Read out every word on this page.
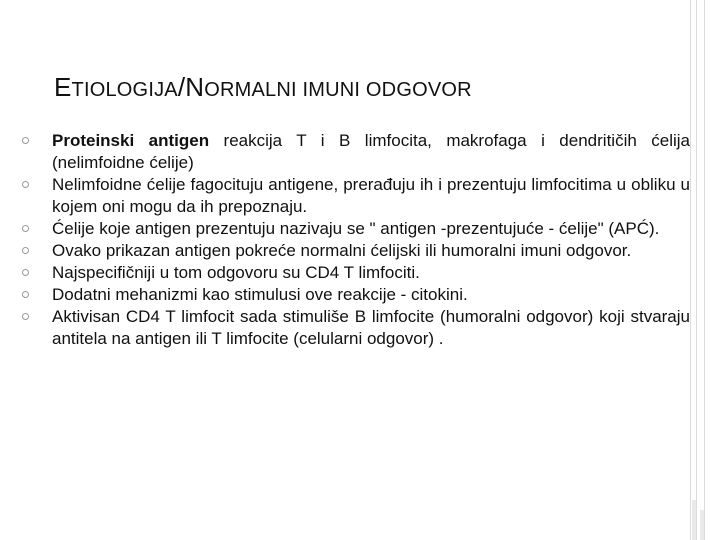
ETIOLOGIJA/NORMALNI IMUNI ODGOVOR
Proteinski antigen reakcija T i B limfocita, makrofaga i dendritičih ćelija (nelimfoidne ćelije)
Nelimfoidne ćelije fagocituju antigene, prerađuju ih i prezentuju limfocitima u obliku u kojem oni mogu da ih prepoznaju.
Ćelije koje antigen prezentuju nazivaju se " antigen -prezentujuće - ćelije" (APĆ).
Ovako prikazan antigen pokreće normalni ćelijski ili humoralni imuni odgovor.
Najspecifičniji u tom odgovoru su CD4 T limfociti.
Dodatni mehanizmi kao stimulusi ove reakcije - citokini.
Aktivisan CD4 T limfocit sada stimuliše B limfocite (humoralni odgovor) koji stvaraju antitela na antigen ili T limfocite (celularni odgovor) .
